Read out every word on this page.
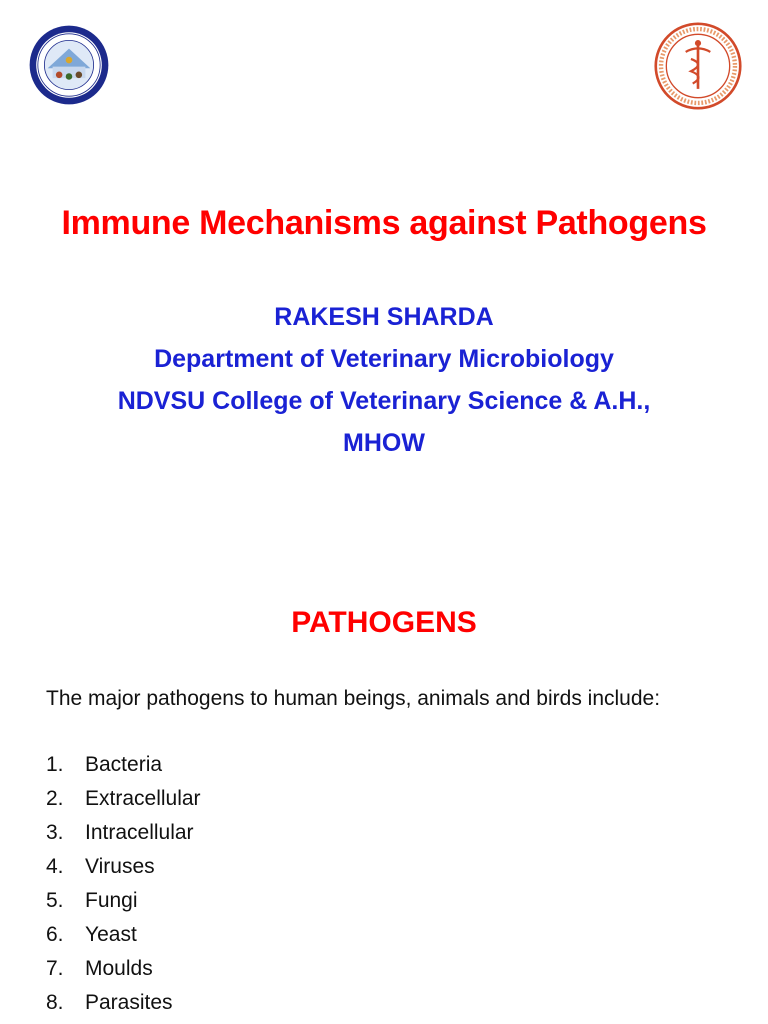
Immune Mechanisms against Pathogens
RAKESH SHARDA
Department of Veterinary Microbiology
NDVSU College of Veterinary Science & A.H.,
MHOW
PATHOGENS
The major pathogens to human beings, animals and birds include:
1. Bacteria
2. Extracellular
3. Intracellular
4. Viruses
5. Fungi
6. Yeast
7. Moulds
8. Parasites
